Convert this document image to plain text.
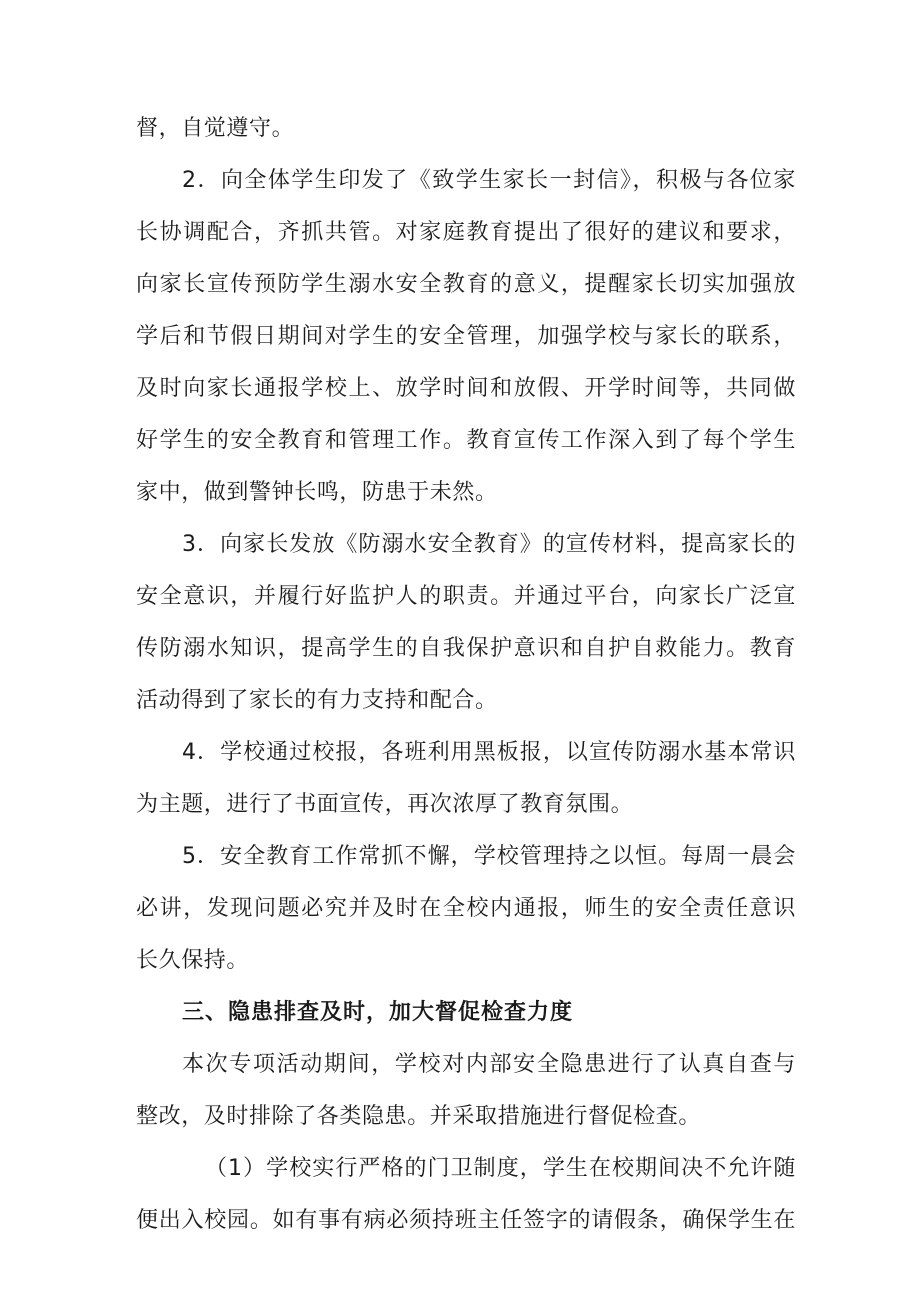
督，自觉遵守。
2．向全体学生印发了《致学生家长一封信》，积极与各位家
长协调配合，齐抓共管。对家庭教育提出了很好的建议和要求，
向家长宣传预防学生溺水安全教育的意义，提醒家长切实加强放
学后和节假日期间对学生的安全管理，加强学校与家长的联系，
及时向家长通报学校上、放学时间和放假、开学时间等，共同做
好学生的安全教育和管理工作。教育宣传工作深入到了每个学生
家中，做到警钟长鸣，防患于未然。
3．向家长发放《防溺水安全教育》的宣传材料，提高家长的
安全意识，并履行好监护人的职责。并通过平台，向家长广泛宣
传防溺水知识，提高学生的自我保护意识和自护自救能力。教育
活动得到了家长的有力支持和配合。
4．学校通过校报，各班利用黑板报，以宣传防溺水基本常识
为主题，进行了书面宣传，再次浓厚了教育氛围。
5．安全教育工作常抓不懈，学校管理持之以恒。每周一晨会
必讲，发现问题必究并及时在全校内通报，师生的安全责任意识
长久保持。
三、隐患排查及时，加大督促检查力度
本次专项活动期间，学校对内部安全隐患进行了认真自查与
整改，及时排除了各类隐患。并采取措施进行督促检查。
（1）学校实行严格的门卫制度，学生在校期间决不允许随
便出入校园。如有事有病必须持班主任签字的请假条，确保学生在
